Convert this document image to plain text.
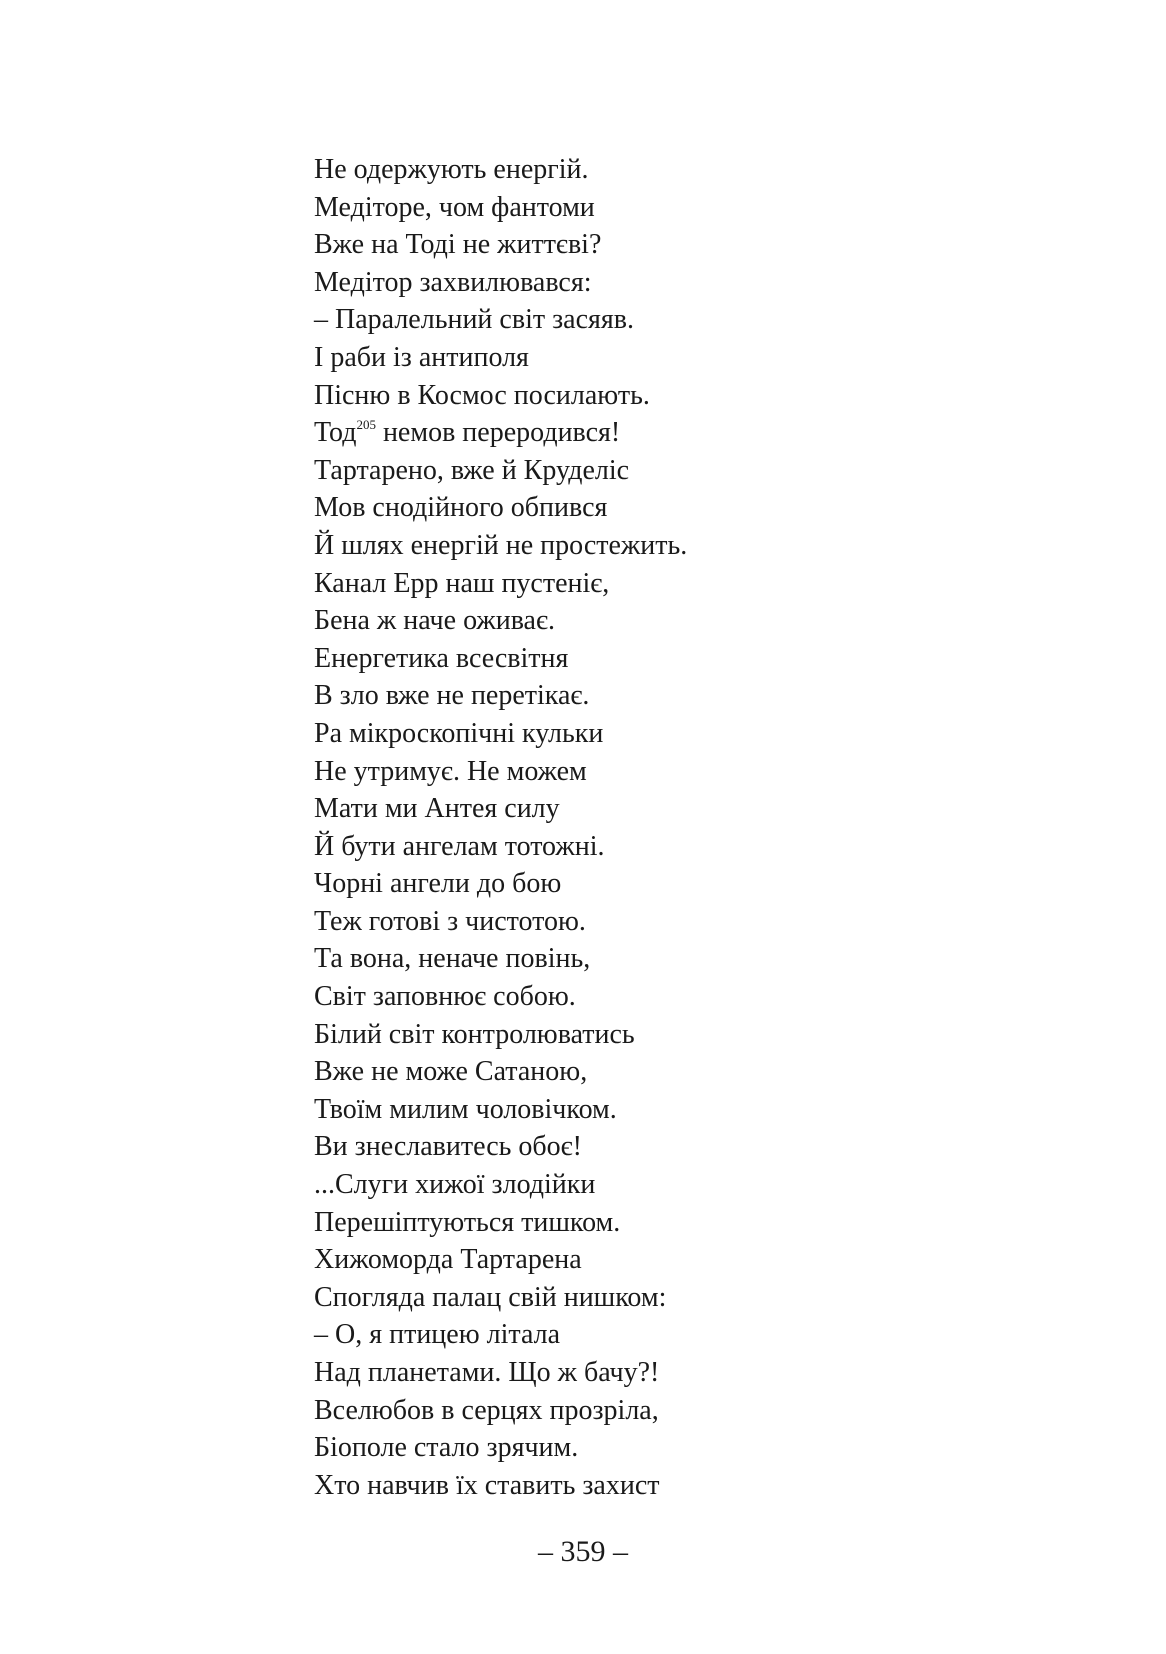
Не одержують енергій.
Медіторе, чом фантоми
Вже на Тоді не життєві?
Медітор захвилювався:
– Паралельний світ засяяв.
І раби із антиполя
Пісню в Космос посилають.
Тод$^{205}$ немов переродився!
Тартарено, вже й Круделіс
Мов снодійного обпився
Й шлях енергій не простежить.
Канал Ерр наш пустеніє,
Бена ж наче оживає.
Енергетика всесвітня
В зло вже не перетікає.
Ра мікроскопічні кульки
Не утримує. Не можем
Мати ми Антея силу
Й бути ангелам тотожні.
Чорні ангели до бою
Теж готові з чистотою.
Та вона, неначе повінь,
Світ заповнює собою.
Білий світ контролюватись
Вже не може Сатаною,
Твоїм милим чоловічком.
Ви знеславитесь обоє!
...Слуги хижої злодійки
Перешіптуються тишком.
Хижоморда Тартарена
Спогляда палац свій нишком:
– О, я птицею літала
Над планетами. Що ж бачу?!
Вселюбов в серцях прозріла,
Біополе стало зрячим.
Хто навчив їх ставить захист
– 359 –
